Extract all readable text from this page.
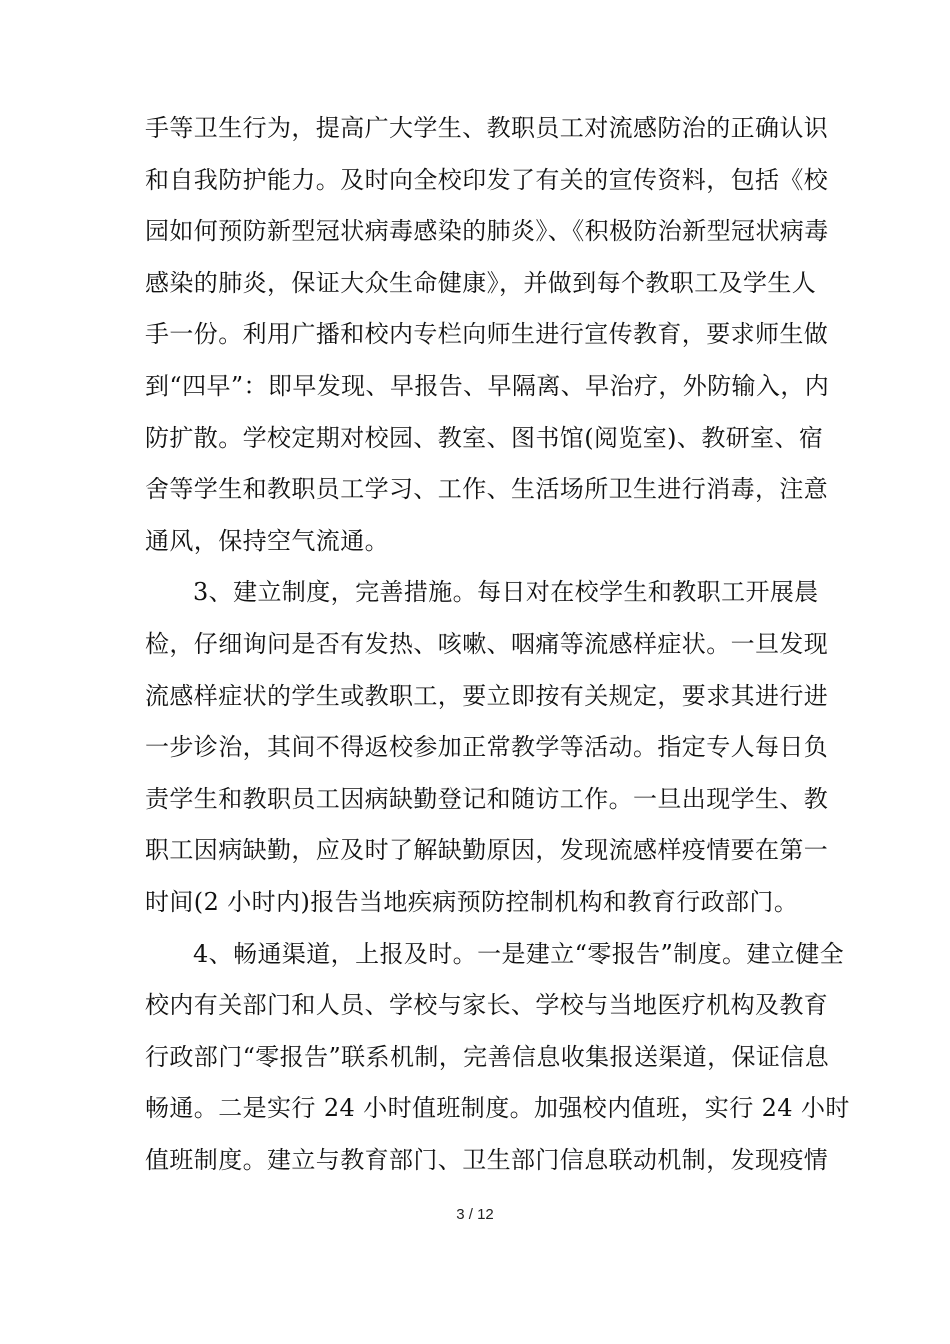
手等卫生行为，提高广大学生、教职员工对流感防治的正确认识
和自我防护能力。及时向全校印发了有关的宣传资料，包括《校
园如何预防新型冠状病毒感染的肺炎》、《积极防治新型冠状病毒
感染的肺炎，保证大众生命健康》，并做到每个教职工及学生人
手一份。利用广播和校内专栏向师生进行宣传教育，要求师生做
到“四早”：即早发现、早报告、早隔离、早治疗，外防输入，内
防扩散。学校定期对校园、教室、图书馆(阅览室)、教研室、宿
舍等学生和教职员工学习、工作、生活场所卫生进行消毒，注意
通风，保持空气流通。
3、建立制度，完善措施。每日对在校学生和教职工开展晨
检，仔细询问是否有发热、咳嗽、咽痛等流感样症状。一旦发现
流感样症状的学生或教职工，要立即按有关规定，要求其进行进
一步诊治，其间不得返校参加正常教学等活动。指定专人每日负
责学生和教职员工因病缺勤登记和随访工作。一旦出现学生、教
职工因病缺勤，应及时了解缺勤原因，发现流感样疫情要在第一
时间(2 小时内)报告当地疾病预防控制机构和教育行政部门。
4、畅通渠道，上报及时。一是建立“零报告”制度。建立健全
校内有关部门和人员、学校与家长、学校与当地医疗机构及教育
行政部门“零报告”联系机制，完善信息收集报送渠道，保证信息
畅通。二是实行 24 小时值班制度。加强校内值班，实行 24 小时
值班制度。建立与教育部门、卫生部门信息联动机制，发现疫情
3 / 12
